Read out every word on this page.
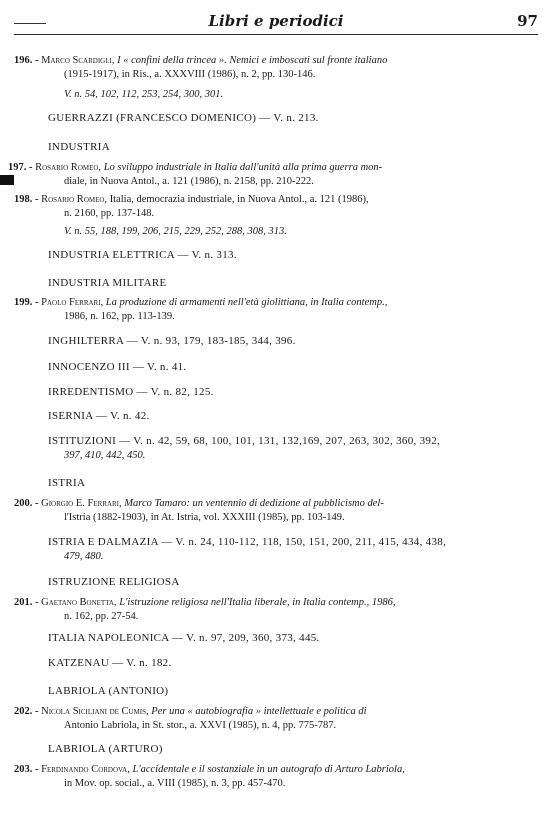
Libri e periodici	97
196. - Marco Scardigli, I « confini della trincea ». Nemici e imboscati sul fronte italiano
(1915-1917), in Ris., a. XXXVIII (1986), n. 2, pp. 130-146.
V. n. 54, 102, 112, 253, 254, 300, 301.
GUERRAZZI (FRANCESCO DOMENICO) — V. n. 213.
INDUSTRIA
197. - Rosario Romeo, Lo sviluppo industriale in Italia dall'unità alla prima guerra mon-
diale, in Nuova Antol., a. 121 (1986), n. 2158, pp. 210-222.
198. - Rosario Romeo, Italia, democrazia industriale, in Nuova Antol., a. 121 (1986),
n. 2160, pp. 137-148.
V. n. 55, 188, 199, 206, 215, 229, 252, 288, 308, 313.
INDUSTRIA ELETTRICA — V. n. 313.
INDUSTRIA MILITARE
199. - Paolo Ferrari, La produzione di armamenti nell'età giolittiana, in Italia contemp.,
1986, n. 162, pp. 113-139.
INGHILTERRA — V. n. 93, 179, 183-185, 344, 396.
INNOCENZO III — V. n. 41.
IRREDENTISMO — V. n. 82, 125.
ISERNIA — V. n. 42.
ISTITUZIONI — V. n. 42, 59, 68, 100, 101, 131, 132,169, 207, 263, 302, 360, 392,
397, 410, 442, 450.
ISTRIA
200. - Giorgio E. Ferrari, Marco Tamaro: un ventennio di dedizione al pubblicismo del-
l'Istria (1882-1903), in At. Istria, vol. XXXIII (1985), pp. 103-149.
ISTRIA E DALMAZIA — V. n. 24, 110-112, 118, 150, 151, 200, 211, 415, 434, 438,
479, 480.
ISTRUZIONE RELIGIOSA
201. - Gaetano Bonetta, L'istruzione religiosa nell'Italia liberale, in Italia contemp., 1986,
n. 162, pp. 27-54.
ITALIA NAPOLEONICA — V. n. 97, 209, 360, 373, 445.
KATZENAU — V. n. 182.
LABRIOLA (ANTONIO)
202. - Nicola Siciliani de Cumis, Per una « autobiografia » intellettuale e politica di
Antonio Labriola, in St. stor., a. XXVI (1985), n. 4, pp. 775-787.
LABRIOLA (ARTURO)
203. - Ferdinando Cordova, L'accidentale e il sostanziale in un autografo di Arturo Labriola,
in Mov. op. social., a. VIII (1985), n. 3, pp. 457-470.
